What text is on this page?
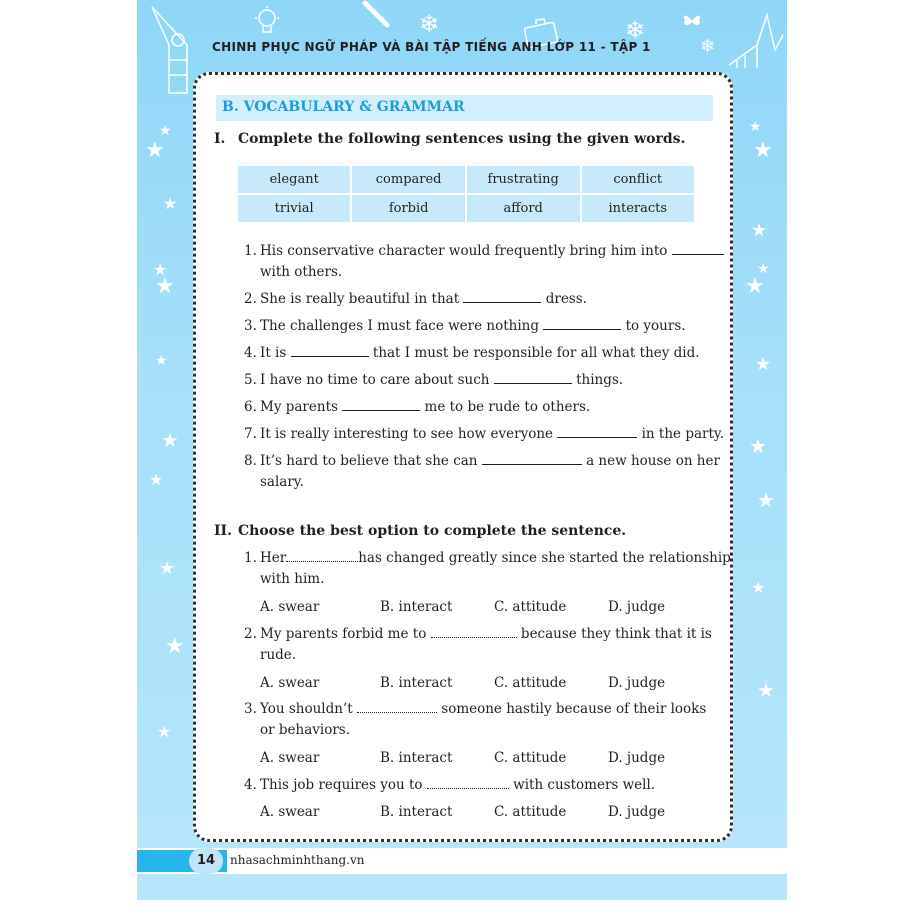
❄	❄
❄
★
★
★
★
★
★
★
★
★
★
★
★
★
★
★
★
★
★
★
★
★
CHINH PHỤC NGỮ PHÁP VÀ BÀI TẬP TIẾNG ANH LỚP 11 - TẬP 1
B. VOCABULARY & GRAMMAR
I. Complete the following sentences using the given words.
elegant	compared	frustrating	conflict
trivial	forbid	afford	interacts
1. His conservative character would frequently bring him into
with others.
2. She is really beautiful in that	dress.
3. The challenges I must face were nothing	to yours.
4. It is	that I must be responsible for all what they did.
5. I have no time to care about such	things.
6. My parents	me to be rude to others.
7. It is really interesting to see how everyone	in the party.
8. It’s hard to believe that she can	a new house on her
salary.
II. Choose the best option to complete the sentence.
1. Her	has changed greatly since she started the relationship
with him.
A. swear	B. interact	C. attitude	D. judge
2. My parents forbid me to	because they think that it is
rude.
A. swear	B. interact	C. attitude	D. judge
3. You shouldn’t	someone hastily because of their looks
or behaviors.
A. swear	B. interact	C. attitude	D. judge
4. This job requires you to	with customers well.
A. swear	B. interact	C. attitude	D. judge
14	nhasachminhthang.vn
